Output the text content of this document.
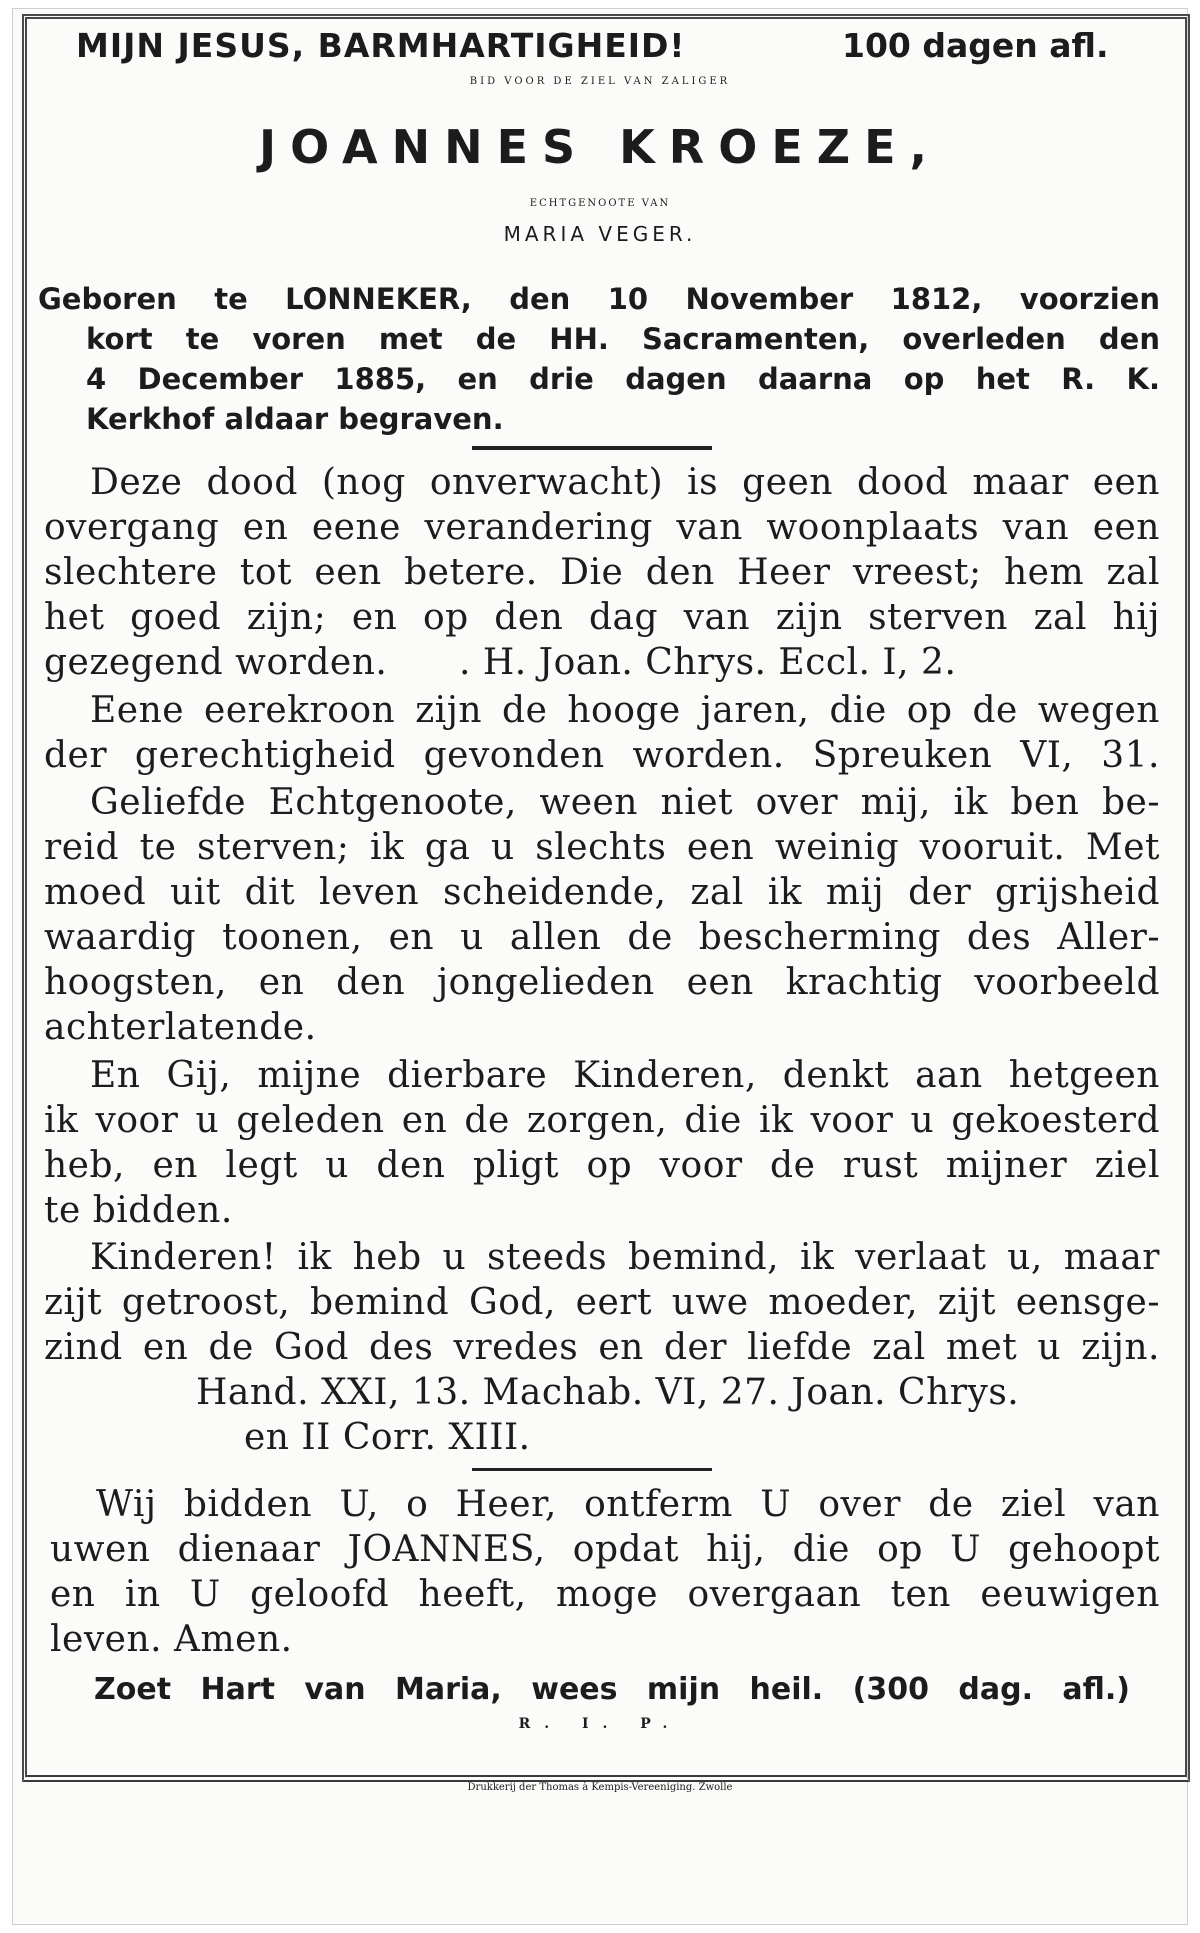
MIJN JESUS, BARMHARTIGHEID!	100 dagen afl.
BID VOOR DE ZIEL VAN ZALIGER
JOANNES KROEZE,
ECHTGENOOTE VAN
MARIA VEGER.
Geboren te LONNEKER, den 10 November 1812, voorzien
kort te voren met de HH. Sacramenten, overleden den
4 December 1885, en drie dagen daarna op het R. K.
Kerkhof aldaar begraven.
Deze dood (nog onverwacht) is geen dood maar een
overgang en eene verandering van woonplaats van een
slechtere tot een betere. Die den Heer vreest; hem zal
het goed zijn; en op den dag van zijn sterven zal hij
gezegend worden.      . H. Joan. Chrys. Eccl. I, 2.
Eene eerekroon zijn de hooge jaren, die op de wegen
der gerechtigheid gevonden worden. Spreuken VI, 31.
Geliefde Echtgenoote, ween niet over mij, ik ben be-
reid te sterven; ik ga u slechts een weinig vooruit. Met
moed uit dit leven scheidende, zal ik mij der grijsheid
waardig toonen, en u allen de bescherming des Aller-
hoogsten, en den jongelieden een krachtig voorbeeld
achterlatende.
En Gij, mijne dierbare Kinderen, denkt aan hetgeen
ik voor u geleden en de zorgen, die ik voor u gekoesterd
heb, en legt u den pligt op voor de rust mijner ziel
te bidden.
Kinderen! ik heb u steeds bemind, ik verlaat u, maar
zijt getroost, bemind God, eert uwe moeder, zijt eensge-
zind en de God des vredes en der liefde zal met u zijn.
Hand. XXI, 13. Machab. VI, 27. Joan. Chrys.
en II Corr. XIII.
Wij bidden U, o Heer, ontferm U over de ziel van
uwen dienaar JOANNES, opdat hij, die op U gehoopt
en in U geloofd heeft, moge overgaan ten eeuwigen
leven. Amen.
Zoet Hart van Maria, wees mijn heil. (300 dag. afl.)
R. I. P.
Drukkerij der Thomas à Kempis-Vereeniging. Zwolle
